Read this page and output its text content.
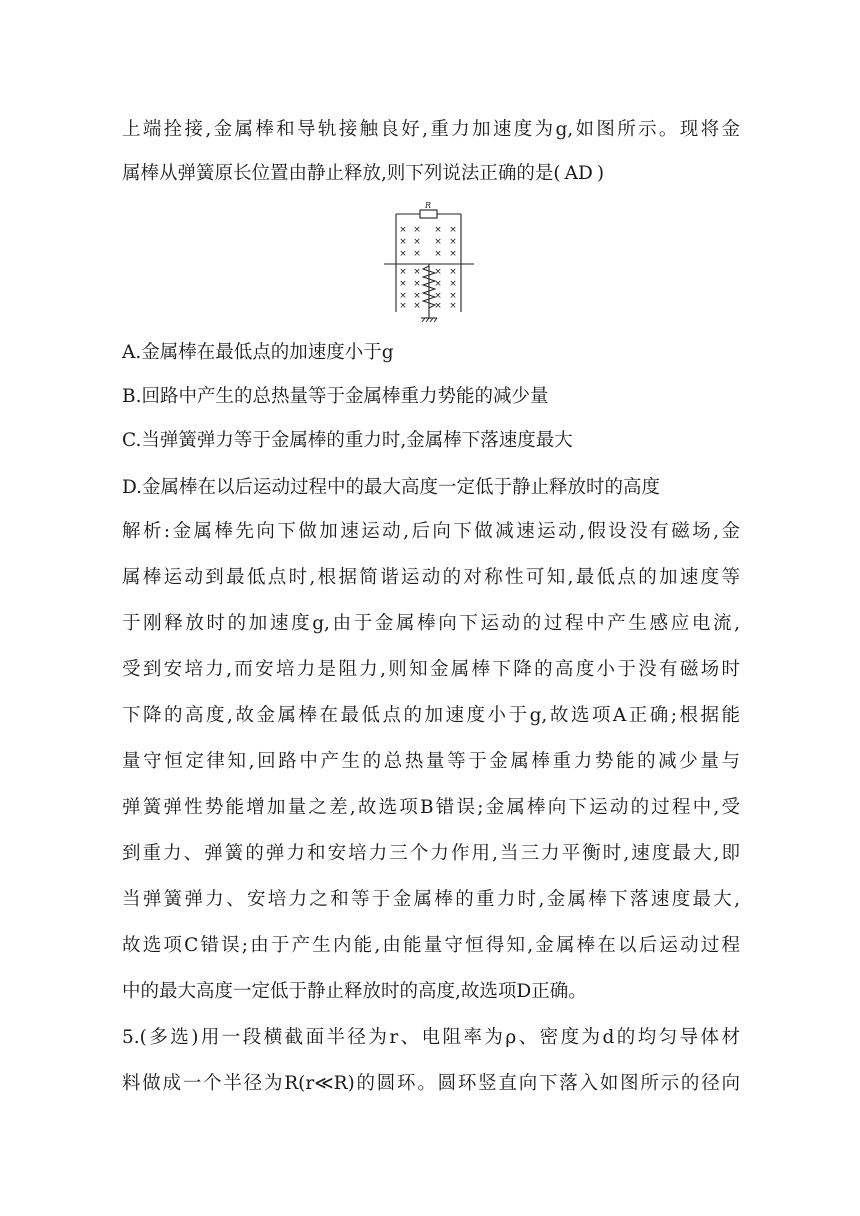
上端拴接,金属棒和导轨接触良好,重力加速度为g,如图所示。现将金
属棒从弹簧原长位置由静止释放,则下列说法正确的是( AD )
R
× × × ×
× × × ×
× × × ×
× × × ×
× × × ×
× × × ×
× × × ×
A.金属棒在最低点的加速度小于g
B.回路中产生的总热量等于金属棒重力势能的减少量
C.当弹簧弹力等于金属棒的重力时,金属棒下落速度最大
D.金属棒在以后运动过程中的最大高度一定低于静止释放时的高度
解析:金属棒先向下做加速运动,后向下做减速运动,假设没有磁场,金
属棒运动到最低点时,根据简谐运动的对称性可知,最低点的加速度等
于刚释放时的加速度g,由于金属棒向下运动的过程中产生感应电流,
受到安培力,而安培力是阻力,则知金属棒下降的高度小于没有磁场时
下降的高度,故金属棒在最低点的加速度小于g,故选项A正确;根据能
量守恒定律知,回路中产生的总热量等于金属棒重力势能的减少量与
弹簧弹性势能增加量之差,故选项B错误;金属棒向下运动的过程中,受
到重力、弹簧的弹力和安培力三个力作用,当三力平衡时,速度最大,即
当弹簧弹力、安培力之和等于金属棒的重力时,金属棒下落速度最大,
故选项C错误;由于产生内能,由能量守恒得知,金属棒在以后运动过程
中的最大高度一定低于静止释放时的高度,故选项D正确。
5.(多选)用一段横截面半径为r、电阻率为ρ、密度为d的均匀导体材
料做成一个半径为R(r≪R)的圆环。圆环竖直向下落入如图所示的径向
